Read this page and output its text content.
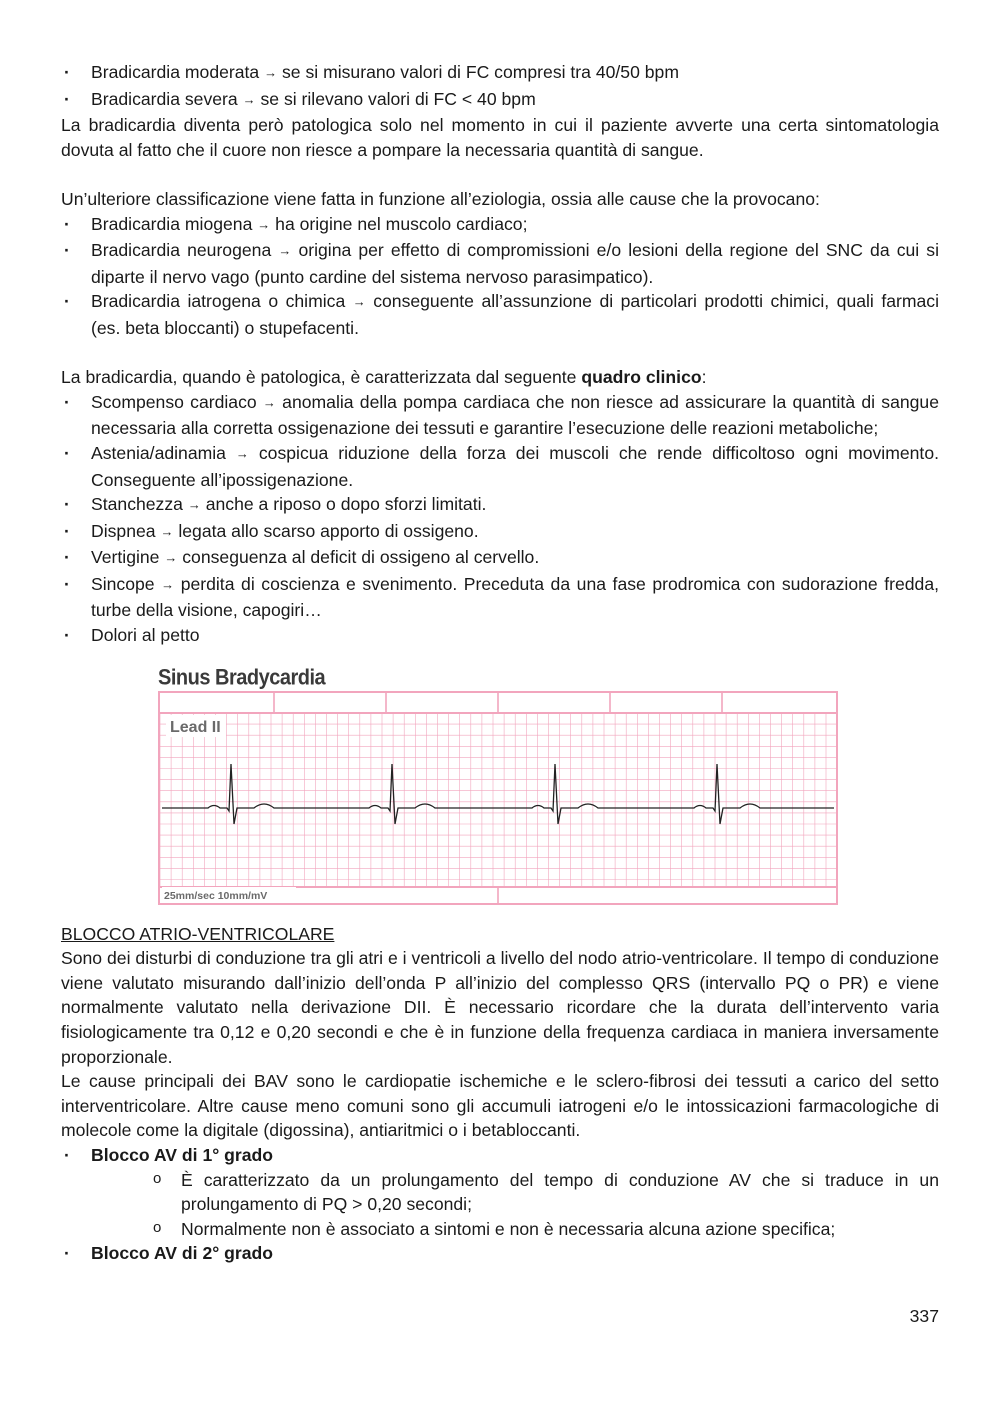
· Bradicardia moderata → se si misurano valori di FC compresi tra 40/50 bpm
· Bradicardia severa → se si rilevano valori di FC < 40 bpm

La bradicardia diventa però patologica solo nel momento in cui il paziente avverte una certa sintomatologia dovuta al fatto che il cuore non riesce a pompare la necessaria quantità di sangue.

Un’ulteriore classificazione viene fatta in funzione all’eziologia, ossia alle cause che la provocano:

· Bradicardia miogena → ha origine nel muscolo cardiaco;
· Bradicardia neurogena → origina per effetto di compromissioni e/o lesioni della regione del SNC da cui si diparte il nervo vago (punto cardine del sistema nervoso parasimpatico).
· Bradicardia iatrogena o chimica → conseguente all’assunzione di particolari prodotti chimici, quali farmaci (es. beta bloccanti) o stupefacenti.

La bradicardia, quando è patologica, è caratterizzata dal seguente quadro clinico:

· Scompenso cardiaco → anomalia della pompa cardiaca che non riesce ad assicurare la quantità di sangue necessaria alla corretta ossigenazione dei tessuti e garantire l’esecuzione delle reazioni metaboliche;
· Astenia/adinamia → cospicua riduzione della forza dei muscoli che rende difficoltoso ogni movimento. Conseguente all’ipossigenazione.
· Stanchezza → anche a riposo o dopo sforzi limitati.
· Dispnea → legata allo scarso apporto di ossigeno.
· Vertigine → conseguenza al deficit di ossigeno al cervello.
· Sincope → perdita di coscienza e svenimento. Preceduta da una fase prodromica con sudorazione fredda, turbe della visione, capogiri…
· Dolori al petto
Sinus Bradycardia
Lead II
25mm/sec 10mm/mV

BLOCCO ATRIO-VENTRICOLARE

Sono dei disturbi di conduzione tra gli atri e i ventricoli a livello del nodo atrio-ventricolare. Il tempo di conduzione viene valutato misurando dall’inizio dell’onda P all’inizio del complesso QRS (intervallo PQ o PR) e viene normalmente valutato nella derivazione DII. È necessario ricordare che la durata dell’intervento varia fisiologicamente tra 0,12 e 0,20 secondi e che è in funzione della frequenza cardiaca in maniera inversamente proporzionale.

Le cause principali dei BAV sono le cardiopatie ischemiche e le sclero-fibrosi dei tessuti a carico del setto interventricolare. Altre cause meno comuni sono gli accumuli iatrogeni e/o le intossicazioni farmacologiche di molecole come la digitale (digossina), antiaritmici o i betabloccanti.

· Blocco AV di 1° grado
o È caratterizzato da un prolungamento del tempo di conduzione AV che si traduce in un prolungamento di PQ > 0,20 secondi;
o Normalmente non è associato a sintomi e non è necessaria alcuna azione specifica;
· Blocco AV di 2° grado
337
